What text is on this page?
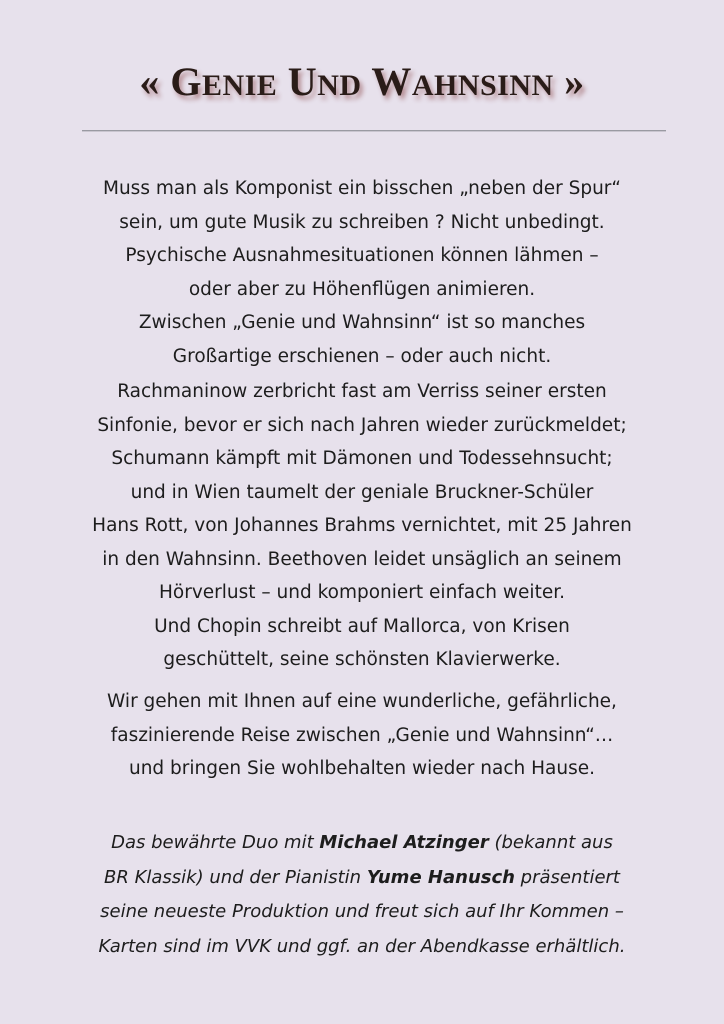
« GENIE UND WAHNSINN »
Muss man als Komponist ein bisschen „neben der Spur“
sein, um gute Musik zu schreiben ? Nicht unbedingt.
Psychische Ausnahmesituationen können lähmen –
oder aber zu Höhenflügen animieren.
Zwischen „Genie und Wahnsinn“ ist so manches
Großartige erschienen – oder auch nicht.
Rachmaninow zerbricht fast am Verriss seiner ersten
Sinfonie, bevor er sich nach Jahren wieder zurückmeldet;
Schumann kämpft mit Dämonen und Todessehnsucht;
und in Wien taumelt der geniale Bruckner-Schüler
Hans Rott, von Johannes Brahms vernichtet, mit 25 Jahren
in den Wahnsinn. Beethoven leidet unsäglich an seinem
Hörverlust – und komponiert einfach weiter.
Und Chopin schreibt auf Mallorca, von Krisen
geschüttelt, seine schönsten Klavierwerke.
Wir gehen mit Ihnen auf eine wunderliche, gefährliche,
faszinierende Reise zwischen „Genie und Wahnsinn“…
und bringen Sie wohlbehalten wieder nach Hause.
Das bewährte Duo mit Michael Atzinger (bekannt aus
BR Klassik) und der Pianistin Yume Hanusch präsentiert
seine neueste Produktion und freut sich auf Ihr Kommen –
Karten sind im VVK und ggf. an der Abendkasse erhältlich.
